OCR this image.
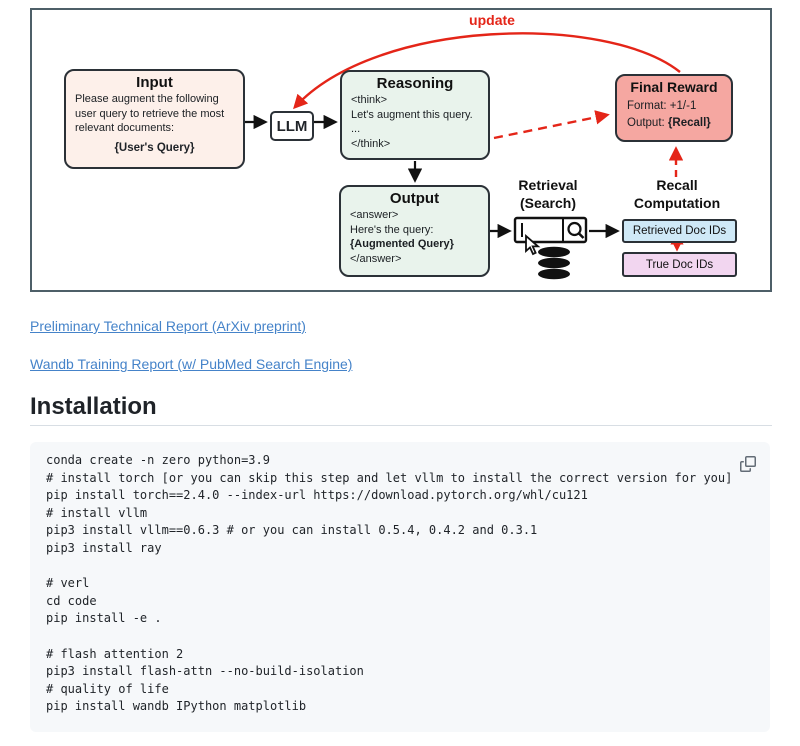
update
Input
Please augment the following user query to retrieve the most relevant documents:
{User's Query}
LLM
Reasoning
<think>
Let's augment this query.
...
</think>
Final Reward
Format: +1/-1
Output: {Recall}
Output
<answer>
Here's the query:
{Augmented Query}
</answer>
Retrieval
(Search)
Recall
Computation
Retrieved Doc IDs
True Doc IDs
Preliminary Technical Report (ArXiv preprint)
Wandb Training Report (w/ PubMed Search Engine)
Installation
conda create -n zero python=3.9
# install torch [or you can skip this step and let vllm to install the correct version for you]
pip install torch==2.4.0 --index-url https://download.pytorch.org/whl/cu121
# install vllm
pip3 install vllm==0.6.3 # or you can install 0.5.4, 0.4.2 and 0.3.1
pip3 install ray
# verl
cd code
pip install -e .
# flash attention 2
pip3 install flash-attn --no-build-isolation
# quality of life
pip install wandb IPython matplotlib
